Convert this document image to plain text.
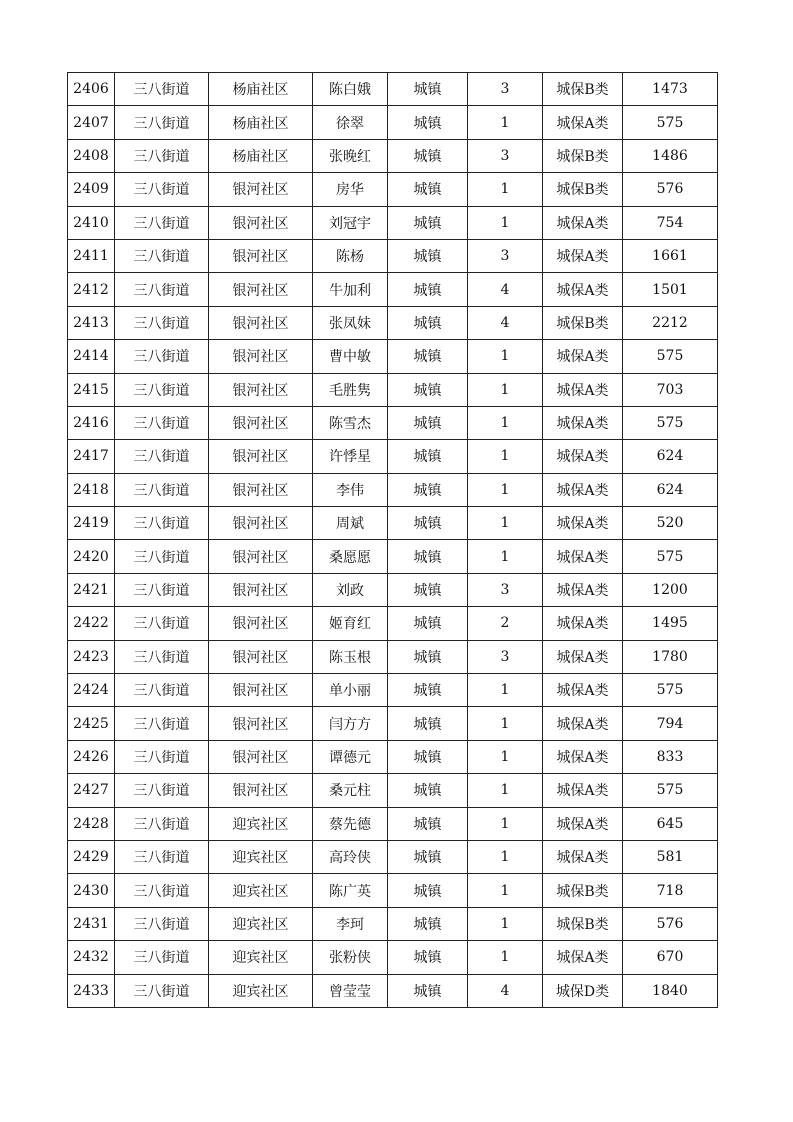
2406	三八街道	杨庙社区	陈白娥	城镇	3	城保B类	1473
2407	三八街道	杨庙社区	徐翠	城镇	1	城保A类	575
2408	三八街道	杨庙社区	张晚红	城镇	3	城保B类	1486
2409	三八街道	银河社区	房华	城镇	1	城保B类	576
2410	三八街道	银河社区	刘冠宇	城镇	1	城保A类	754
2411	三八街道	银河社区	陈杨	城镇	3	城保A类	1661
2412	三八街道	银河社区	牛加利	城镇	4	城保A类	1501
2413	三八街道	银河社区	张凤妹	城镇	4	城保B类	2212
2414	三八街道	银河社区	曹中敏	城镇	1	城保A类	575
2415	三八街道	银河社区	毛胜隽	城镇	1	城保A类	703
2416	三八街道	银河社区	陈雪杰	城镇	1	城保A类	575
2417	三八街道	银河社区	许悸星	城镇	1	城保A类	624
2418	三八街道	银河社区	李伟	城镇	1	城保A类	624
2419	三八街道	银河社区	周斌	城镇	1	城保A类	520
2420	三八街道	银河社区	桑愿愿	城镇	1	城保A类	575
2421	三八街道	银河社区	刘政	城镇	3	城保A类	1200
2422	三八街道	银河社区	姬育红	城镇	2	城保A类	1495
2423	三八街道	银河社区	陈玉根	城镇	3	城保A类	1780
2424	三八街道	银河社区	单小丽	城镇	1	城保A类	575
2425	三八街道	银河社区	闫方方	城镇	1	城保A类	794
2426	三八街道	银河社区	谭德元	城镇	1	城保A类	833
2427	三八街道	银河社区	桑元柱	城镇	1	城保A类	575
2428	三八街道	迎宾社区	蔡先德	城镇	1	城保A类	645
2429	三八街道	迎宾社区	高玲侠	城镇	1	城保A类	581
2430	三八街道	迎宾社区	陈广英	城镇	1	城保B类	718
2431	三八街道	迎宾社区	李珂	城镇	1	城保B类	576
2432	三八街道	迎宾社区	张粉侠	城镇	1	城保A类	670
2433	三八街道	迎宾社区	曾莹莹	城镇	4	城保D类	1840
